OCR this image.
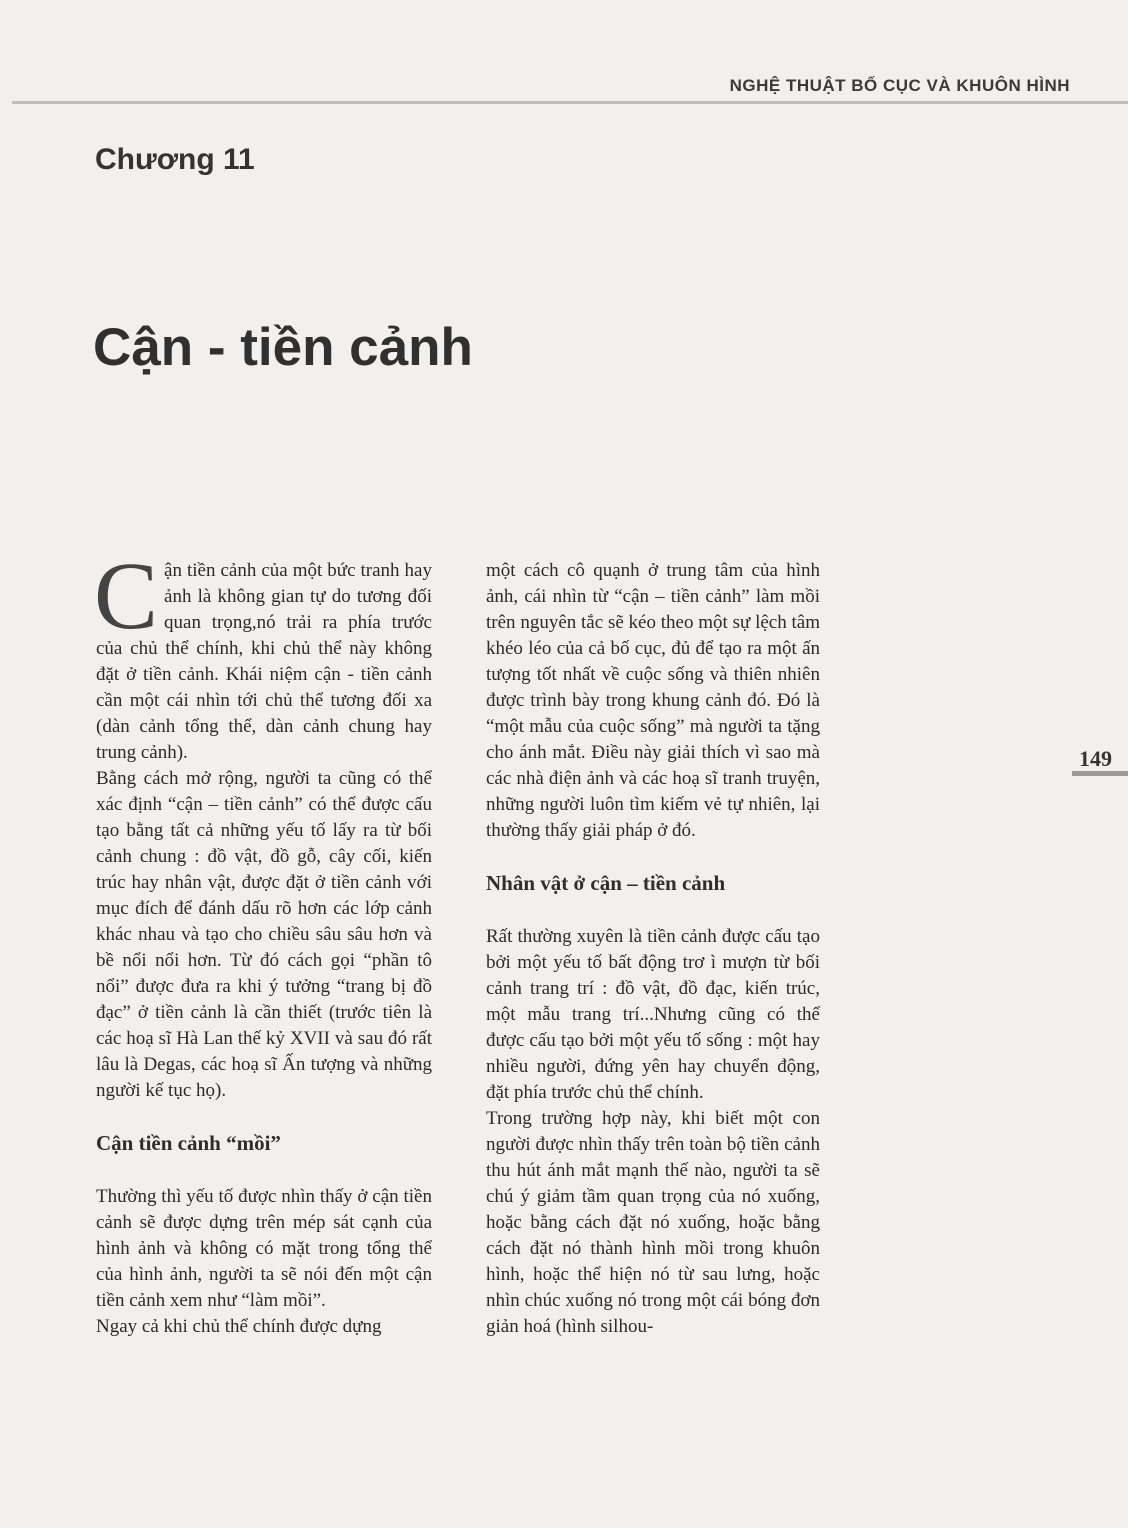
NGHỆ THUẬT BỐ CỤC VÀ KHUÔN HÌNH
Chương 11
Cận - tiền cảnh
149

Cận tiền cảnh của một bức tranh hay ảnh là không gian tự do tương đối quan trọng,nó trải ra phía trước của chủ thể chính, khi chủ thể này không đặt ở tiền cảnh. Khái niệm cận - tiền cảnh cần một cái nhìn tới chủ thể tương đối xa (dàn cảnh tổng thể, dàn cảnh chung hay trung cảnh).

Bằng cách mở rộng, người ta cũng có thể xác định “cận – tiền cảnh” có thể được cấu tạo bằng tất cả những yếu tố lấy ra từ bối cảnh chung : đồ vật, đồ gỗ, cây cối, kiến trúc hay nhân vật, được đặt ở tiền cảnh với mục đích để đánh dấu rõ hơn các lớp cảnh khác nhau và tạo cho chiều sâu sâu hơn và bề nổi nổi hơn. Từ đó cách gọi “phần tô nổi” được đưa ra khi ý tưởng “trang bị đồ đạc” ở tiền cảnh là cần thiết (trước tiên là các hoạ sĩ Hà Lan thế kỷ XVII và sau đó rất lâu là Degas, các hoạ sĩ Ấn tượng và những người kế tục họ).

Cận tiền cảnh “mồi”

Thường thì yếu tố được nhìn thấy ở cận tiền cảnh sẽ được dựng trên mép sát cạnh của hình ảnh và không có mặt trong tổng thể của hình ảnh, người ta sẽ nói đến một cận tiền cảnh xem như “làm mồi”.

Ngay cả khi chủ thể chính được dựng

một cách cô quạnh ở trung tâm của hình ảnh, cái nhìn từ “cận – tiền cảnh” làm mồi trên nguyên tắc sẽ kéo theo một sự lệch tâm khéo léo của cả bố cục, đủ để tạo ra một ấn tượng tốt nhất về cuộc sống và thiên nhiên được trình bày trong khung cảnh đó. Đó là “một mẫu của cuộc sống” mà người ta tặng cho ánh mắt. Điều này giải thích vì sao mà các nhà điện ảnh và các hoạ sĩ tranh truyện, những người luôn tìm kiếm vẻ tự nhiên, lại thường thấy giải pháp ở đó.

Nhân vật ở cận – tiền cảnh

Rất thường xuyên là tiền cảnh được cấu tạo bởi một yếu tố bất động trơ ì mượn từ bối cảnh trang trí : đồ vật, đồ đạc, kiến trúc, một mẫu trang trí...Nhưng cũng có thể được cấu tạo bởi một yếu tố sống : một hay nhiều người, đứng yên hay chuyển động, đặt phía trước chủ thể chính.

Trong trường hợp này, khi biết một con người được nhìn thấy trên toàn bộ tiền cảnh thu hút ánh mắt mạnh thế nào, người ta sẽ chú ý giảm tầm quan trọng của nó xuống, hoặc bằng cách đặt nó xuống, hoặc bằng cách đặt nó thành hình mồi trong khuôn hình, hoặc thể hiện nó từ sau lưng, hoặc nhìn chúc xuống nó trong một cái bóng đơn giản hoá (hình silhou-
